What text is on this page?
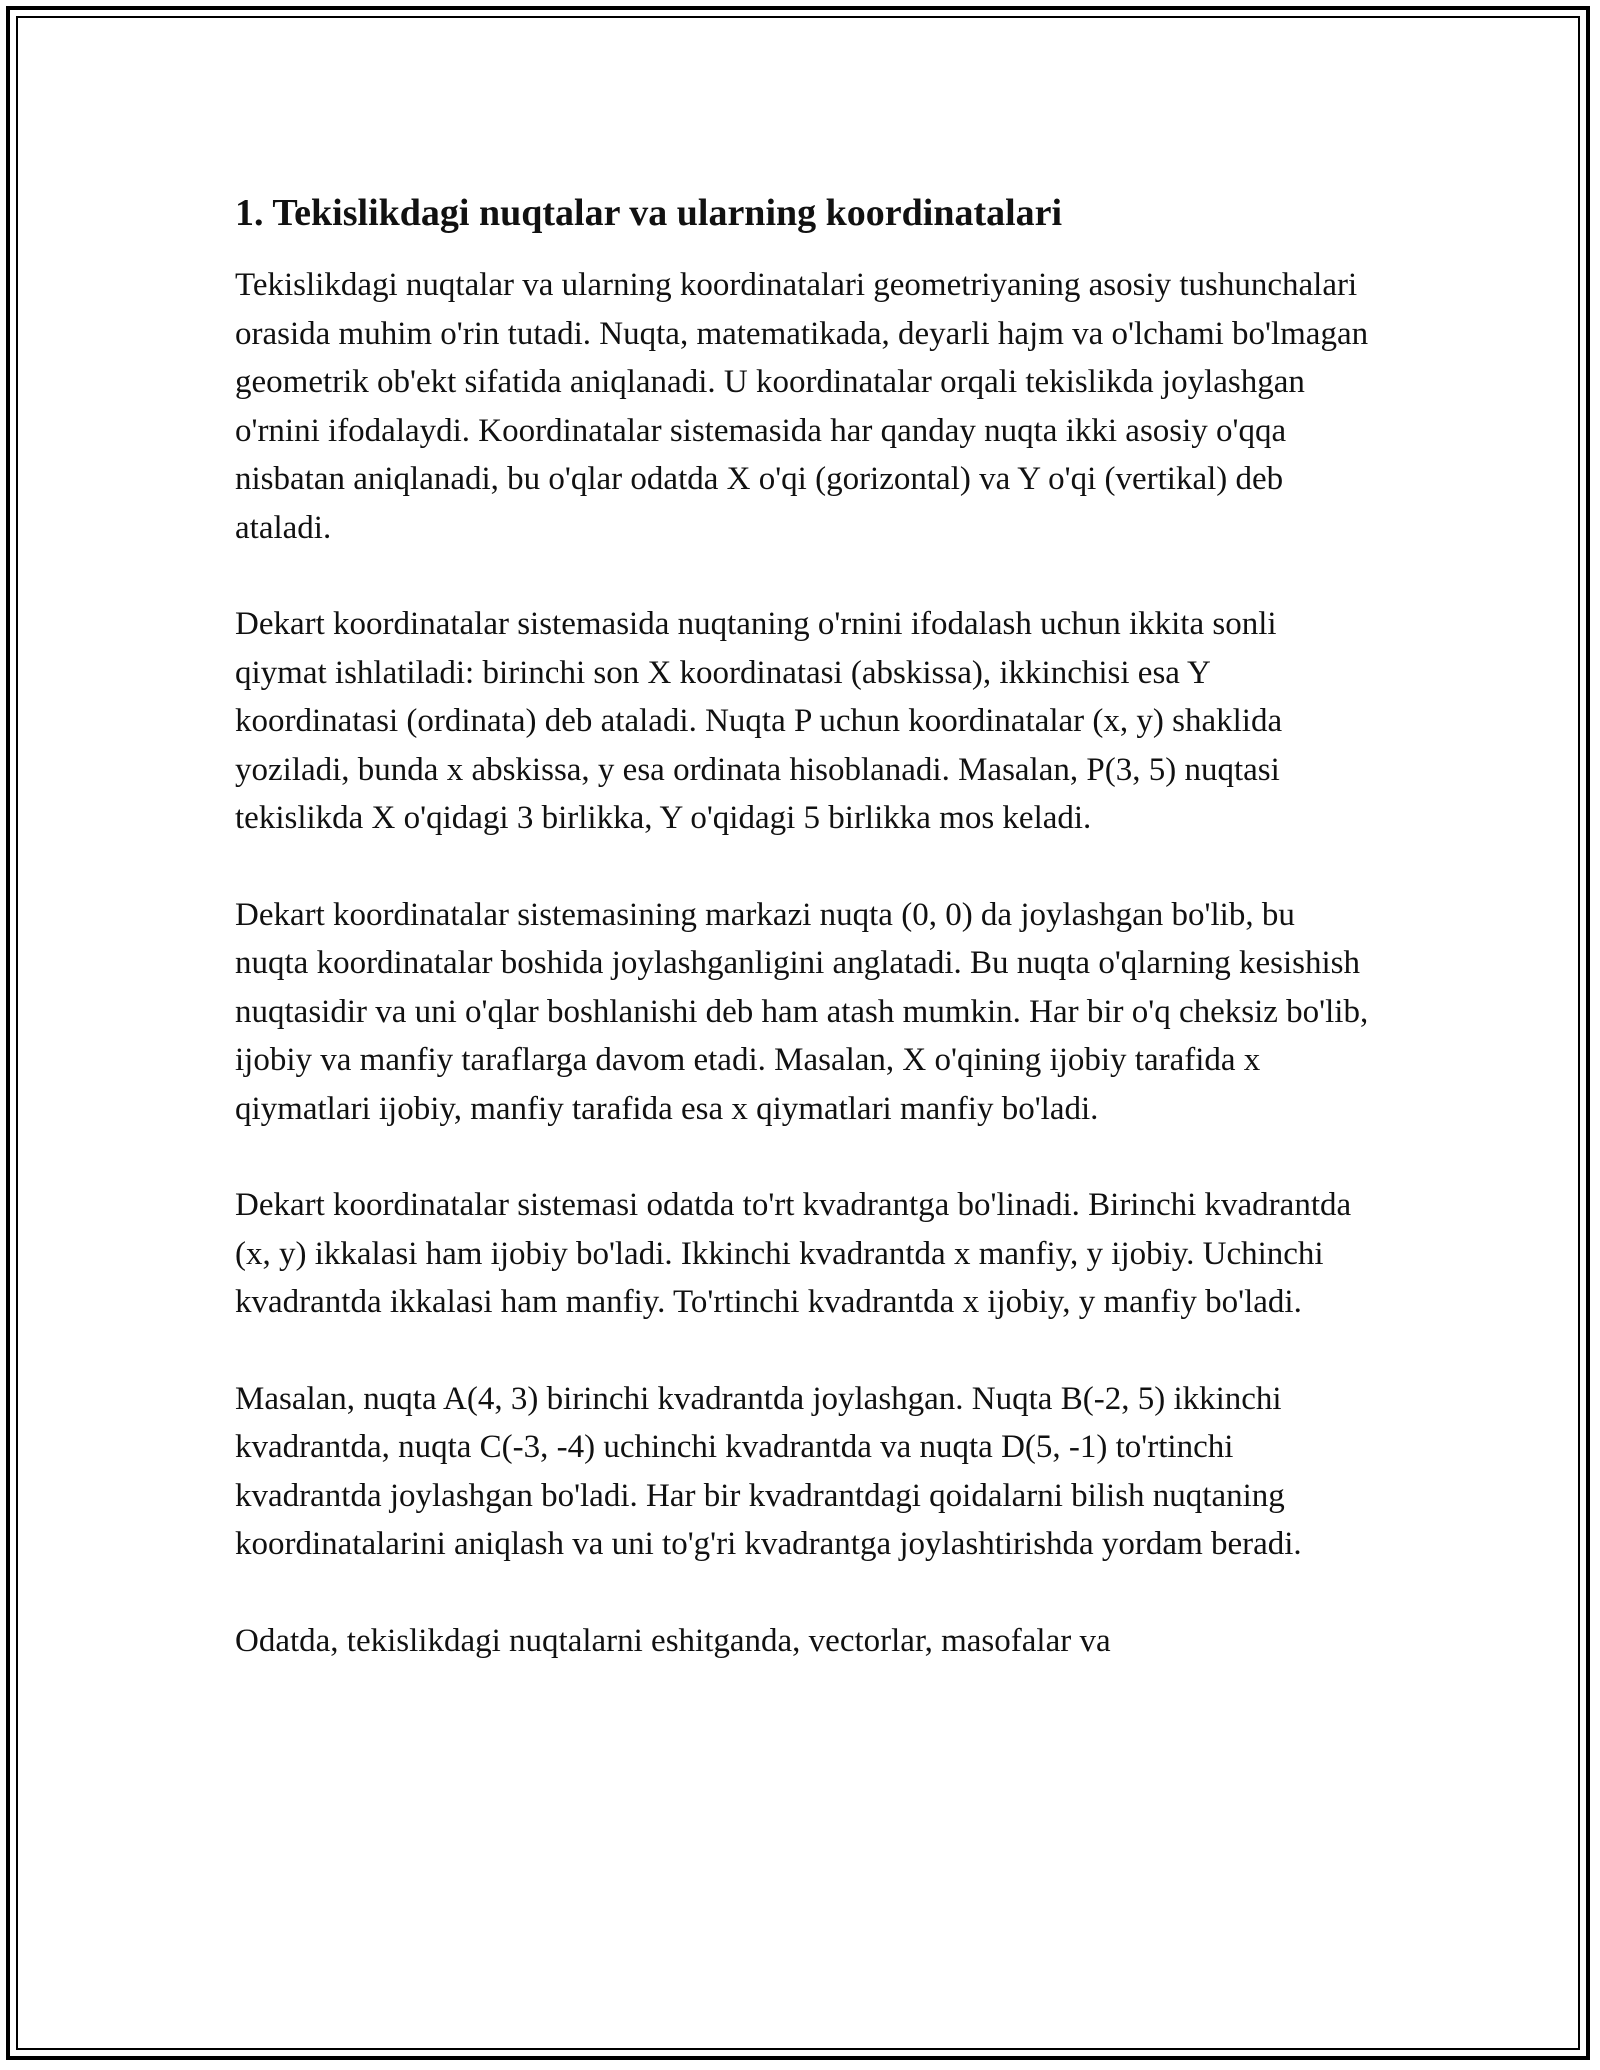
1. Tekislikdagi nuqtalar va ularning koordinatalari

Tekislikdagi nuqtalar va ularning koordinatalari geometriyaning asosiy tushunchalari orasida muhim o'rin tutadi. Nuqta, matematikada, deyarli hajm va o'lchami bo'lmagan geometrik ob'ekt sifatida aniqlanadi. U koordinatalar orqali tekislikda joylashgan o'rnini ifodalaydi. Koordinatalar sistemasida har qanday nuqta ikki asosiy o'qqa nisbatan aniqlanadi, bu o'qlar odatda X o'qi (gorizontal) va Y o'qi (vertikal) deb ataladi.

Dekart koordinatalar sistemasida nuqtaning o'rnini ifodalash uchun ikkita sonli qiymat ishlatiladi: birinchi son X koordinatasi (abskissa), ikkinchisi esa Y koordinatasi (ordinata) deb ataladi. Nuqta P uchun koordinatalar (x, y) shaklida yoziladi, bunda x abskissa, y esa ordinata hisoblanadi. Masalan, P(3, 5) nuqtasi tekislikda X o'qidagi 3 birlikka, Y o'qidagi 5 birlikka mos keladi.

Dekart koordinatalar sistemasining markazi nuqta (0, 0) da joylashgan bo'lib, bu nuqta koordinatalar boshida joylashganligini anglatadi. Bu nuqta o'qlarning kesishish nuqtasidir va uni o'qlar boshlanishi deb ham atash mumkin. Har bir o'q cheksiz bo'lib, ijobiy va manfiy taraflarga davom etadi. Masalan, X o'qining ijobiy tarafida x qiymatlari ijobiy, manfiy tarafida esa x qiymatlari manfiy bo'ladi.

Dekart koordinatalar sistemasi odatda to'rt kvadrantga bo'linadi. Birinchi kvadrantda (x, y) ikkalasi ham ijobiy bo'ladi. Ikkinchi kvadrantda x manfiy, y ijobiy. Uchinchi kvadrantda ikkalasi ham manfiy. To'rtinchi kvadrantda x ijobiy, y manfiy bo'ladi.

Masalan, nuqta A(4, 3) birinchi kvadrantda joylashgan. Nuqta B(-2, 5) ikkinchi kvadrantda, nuqta C(-3, -4) uchinchi kvadrantda va nuqta D(5, -1) to'rtinchi kvadrantda joylashgan bo'ladi. Har bir kvadrantdagi qoidalarni bilish nuqtaning koordinatalarini aniqlash va uni to'g'ri kvadrantga joylashtirishda yordam beradi.

Odatda, tekislikdagi nuqtalarni eshitganda, vectorlar, masofalar va
